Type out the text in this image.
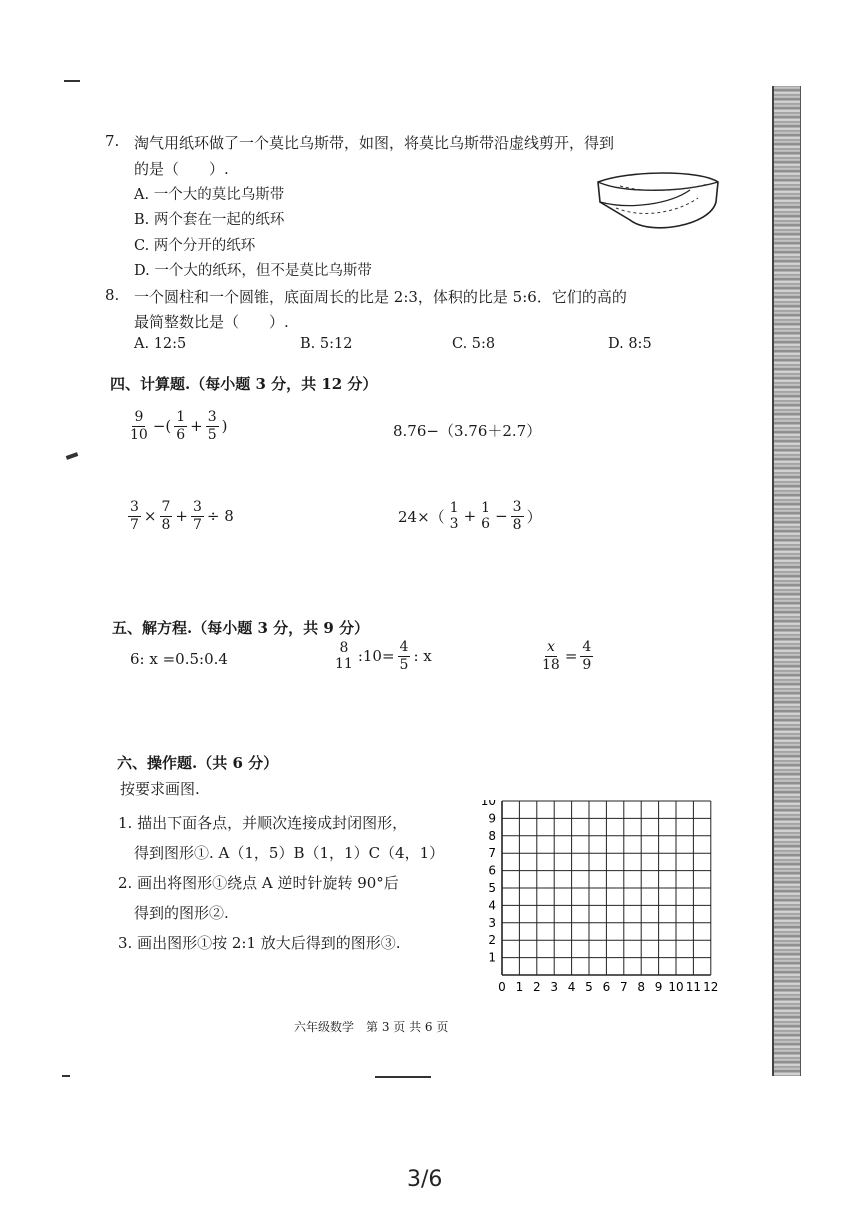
7. 淘气用纸环做了一个莫比乌斯带，如图，将莫比乌斯带沿虚线剪开，得到
的是（　　）.
A. 一个大的莫比乌斯带
B. 两个套在一起的纸环
C. 两个分开的纸环
D. 一个大的纸环，但不是莫比乌斯带
8. 一个圆柱和一个圆锥，底面周长的比是 2:3，体积的比是 5:6．它们的高的
最简整数比是（　　）.
A. 12:5	B. 5:12	C. 5:8	D. 8:5
四、计算题.（每小题 3 分，共 12 分）
$\frac{9}{10}$ −( $\frac{1}{6} + \frac{3}{5}$ )	8.76−（3.76＋2.7）
$\frac{3}{7} \times \frac{7}{8} + \frac{3}{7} \div 8$	24×（
1
3 + 1
$6 - \frac{3}{8}$ ）
五、解方程.（每小题 3 分，共 9 分）
6: x =0.5:0.4
8
11 :10= $\frac{4}{5}$ : x	$\frac{x}{18} = \frac{4}{9}$
六、操作题.（共 6 分）
按要求画图.
1. 描出下面各点，并顺次连接成封闭图形，
得到图形①. A（1，5）B（1，1）C（4，1）
2. 画出将图形①绕点 A 逆时针旋转 90°后
得到的图形②.
3. 画出图形①按 2:1 放大后得到的图形③.
0 1 2 3 4 5 6 7 8 9 10 11 12
10
9
8
7
6
5
4
3
2
1
六年级数学　第 3 页 共 6 页
3/6
